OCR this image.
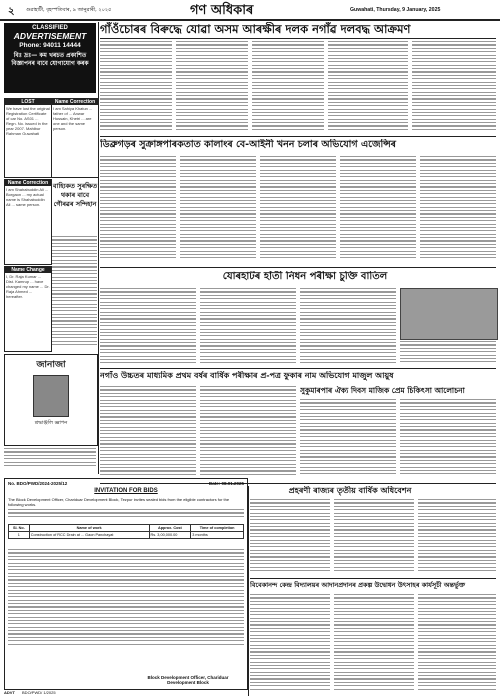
২ গুৱাহাটী, বৃহস্পতিবাৰ, ৯ জানুৱাৰী, ২০২৫	গণ অধিকাৰ	Guwahati, Thursday, 9 January, 2025
CLASSIFIED
ADVERTISEMENT
Phone: 94011 14444
বিঃ দ্ৰঃ— কম খৰচত প্ৰকাশিত বিজ্ঞাপনৰ বাবে যোগাযোগ কৰক
LOST
We have lost the original Registration Certificate of car No. AS01 ... Regn. No. issued in the year 2007. Mahibur Rahman Guwahati
Name Correction
I am Sahiya Khatun ... father of ... Anwar Hussain, Khetri ... are one and the same person.
Name Correction
I am Shahabuddin Ali ... Borgaon ... my actual name is Shahabuddin Ali ... same person.
Name Change
I, Dr. Raja Kumar ... Dist. Kamrup ... have changed my name ... Dr. Raja Ahmed ... hereafter.
বাহ্যিকত সুৰক্ষিত থকাৰ বাবে গৌৰৱৰ সন্দিহান
জানাজা
শ্ৰদ্ধাঞ্জলি জ্ঞাপন
গাঁওঁচোৰৰ বিৰুদ্ধে যোৱা অসম আৰক্ষীৰ দলক নগাঁৱ দলবদ্ধ আক্ৰমণ
ডিব্ৰুগড়ৰ সুক্ৰাঙ্গপাৰকতাত কালাংৰ বে-আইনী খনন চলাৰ অভিযোগ এজেন্সিৰ
যোৰহাটৰ হাঁতী নিধন পৰীক্ষা চুক্তি বাতিল
নগাঁও উচ্চতৰ মাধ্যমিক প্ৰথম বৰ্ষৰ বাৰ্ষিক পৰীক্ষাৰ প্ৰ-পত্ৰ ফুকাৰ নাম অভিযোগ মাজুল আয়ুষ
সুকুমাৰপাৰ ঐক্য দিবস মাজিক প্ৰেম চিকিৎসা আলোচনা
প্ৰহৰণী ৰাজ্যৰ তৃতীয় বাৰ্ষিক অধিবেশন
বিবেকানন্দ কেন্দ্ৰ বিদ্যালয়ৰ আদানপ্ৰদানৰ প্ৰকল্প উদ্বোধন উৎসাহৰ কাৰ্যসূচী অন্তৰ্ভুক্ত
No. BDO/PWD/2024-2025/12	Date: 08.01.2025
INVITATION FOR BIDS
The Block Development Officer, Chariduar Development Block, Tezpur invites sealed bids from the eligible contractors for the following works.
Sl. No.	Name of work	Approx. Cost	Time of completion
1	Construction of RCC Drain at ... Gaon Panchayat	Rs. 3,00,000.00	3 months
Block Development Officer, Chariduar Development Block
ADVT BDO/PWD/ 1/2025
